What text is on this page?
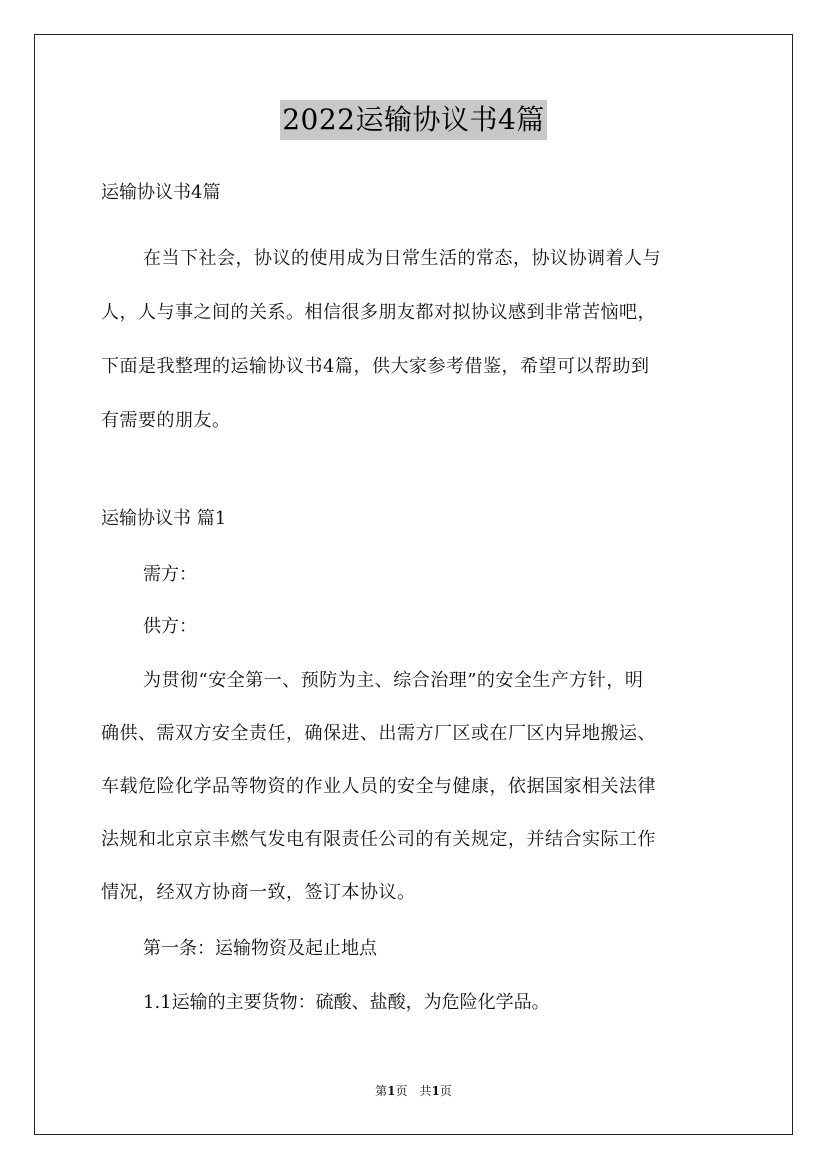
2022运输协议书4篇
运输协议书4篇
在当下社会，协议的使用成为日常生活的常态，协议协调着人与
人，人与事之间的关系。相信很多朋友都对拟协议感到非常苦恼吧，
下面是我整理的运输协议书4篇，供大家参考借鉴，希望可以帮助到
有需要的朋友。
运输协议书 篇1
需方：
供方：
为贯彻“安全第一、预防为主、综合治理”的安全生产方针，明
确供、需双方安全责任，确保进、出需方厂区或在厂区内异地搬运、
车载危险化学品等物资的作业人员的安全与健康，依据国家相关法律
法规和北京京丰燃气发电有限责任公司的有关规定，并结合实际工作
情况，经双方协商一致，签订本协议。
第一条：运输物资及起止地点
1.1运输的主要货物：硫酸、盐酸，为危险化学品。
第1页　共1页
